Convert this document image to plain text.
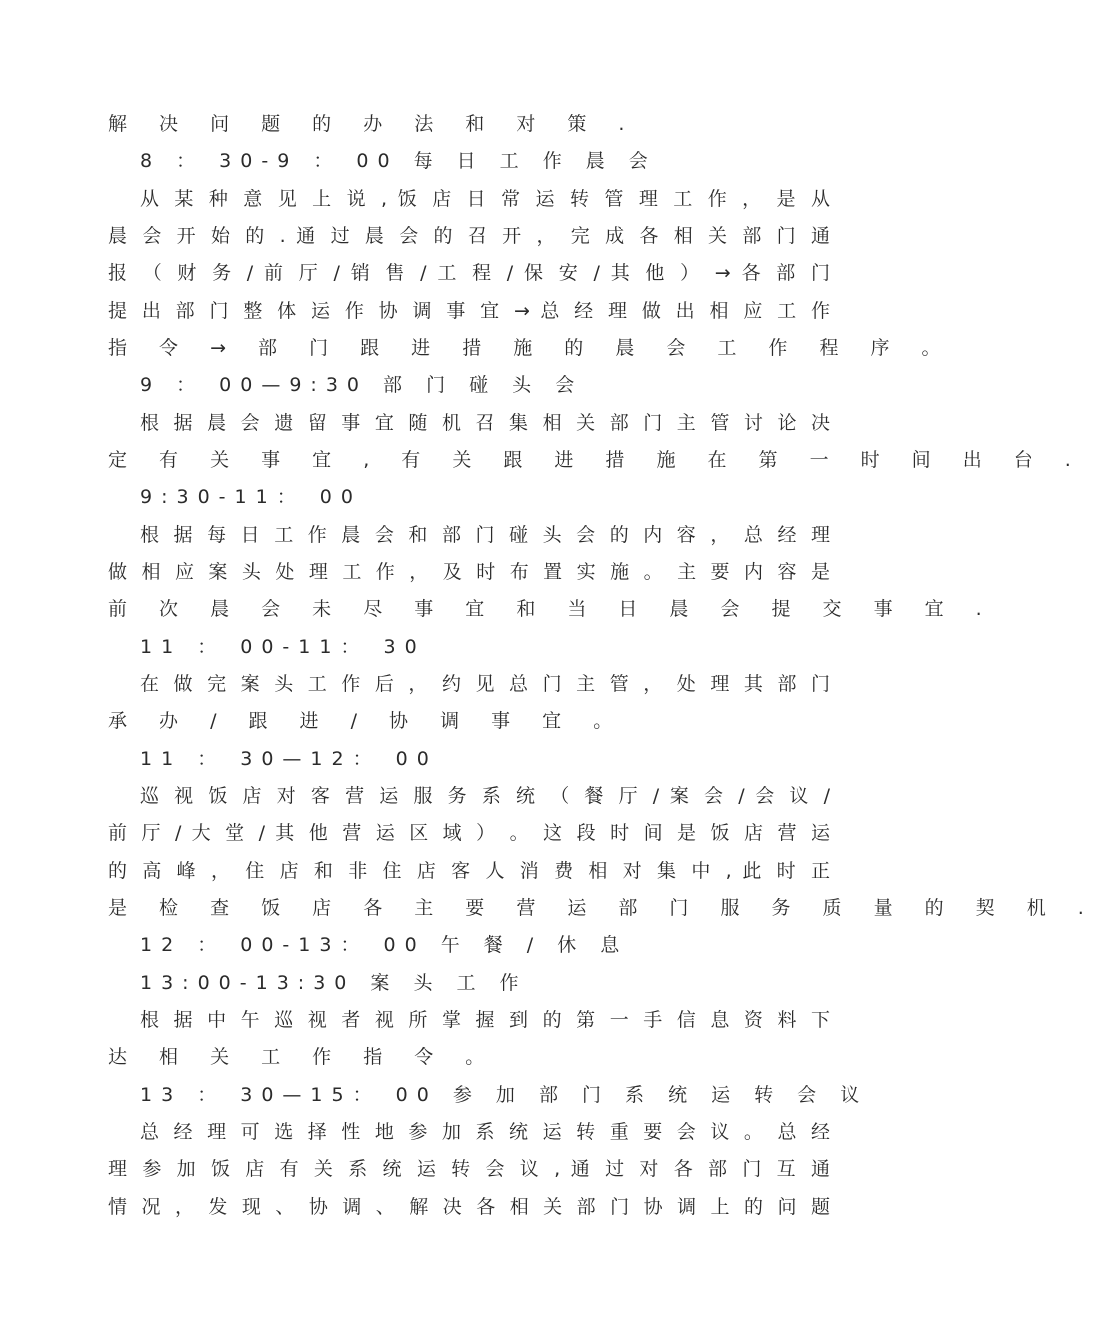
解 决 问 题 的 办 法 和 对 策 .
8 ： 30-9 ： 00 每 日 工 作 晨 会
从 某 种 意 见 上 说 , 饭 店 日 常 运 转 管 理 工 作 ， 是 从
晨 会 开 始 的 . 通 过 晨 会 的 召 开 ， 完 成 各 相 关 部 门 通
报 （ 财 务 / 前 厅 / 销 售 / 工 程 / 保 安 / 其 他 ） → 各 部 门
提 出 部 门 整 体 运 作 协 调 事 宜 → 总 经 理 做 出 相 应 工 作
指 令 → 部 门 跟 进 措 施 的 晨 会 工 作 程 序 。
9 ： 00—9:30 部 门 碰 头 会
根 据 晨 会 遗 留 事 宜 随 机 召 集 相 关 部 门 主 管 讨 论 决
定 有 关 事 宜 , 有 关 跟 进 措 施 在 第 一 时 间 出 台 .
9:30-11： 00
根 据 每 日 工 作 晨 会 和 部 门 碰 头 会 的 内 容 ， 总 经 理
做 相 应 案 头 处 理 工 作 ， 及 时 布 置 实 施 。 主 要 内 容 是
前 次 晨 会 未 尽 事 宜 和 当 日 晨 会 提 交 事 宜 .
11 ： 00-11： 30
在 做 完 案 头 工 作 后 ， 约 见 总 门 主 管 ， 处 理 其 部 门
承 办 / 跟 进 / 协 调 事 宜 。
11 ： 30—12： 00
巡 视 饭 店 对 客 营 运 服 务 系 统 （ 餐 厅 / 案 会 / 会 议 /
前 厅 / 大 堂 / 其 他 营 运 区 域 ） 。 这 段 时 间 是 饭 店 营 运
的 高 峰 ， 住 店 和 非 住 店 客 人 消 费 相 对 集 中 , 此 时 正
是 检 查 饭 店 各 主 要 营 运 部 门 服 务 质 量 的 契 机 .
12 ： 00-13： 00 午 餐 / 休 息
13:00-13:30 案 头 工 作
根 据 中 午 巡 视 者 视 所 掌 握 到 的 第 一 手 信 息 资 料 下
达 相 关 工 作 指 令 。
13 ： 30—15： 00 参 加 部 门 系 统 运 转 会 议
总 经 理 可 选 择 性 地 参 加 系 统 运 转 重 要 会 议 。 总 经
理 参 加 饭 店 有 关 系 统 运 转 会 议 , 通 过 对 各 部 门 互 通
情 况 ， 发 现 、 协 调 、 解 决 各 相 关 部 门 协 调 上 的 问 题
